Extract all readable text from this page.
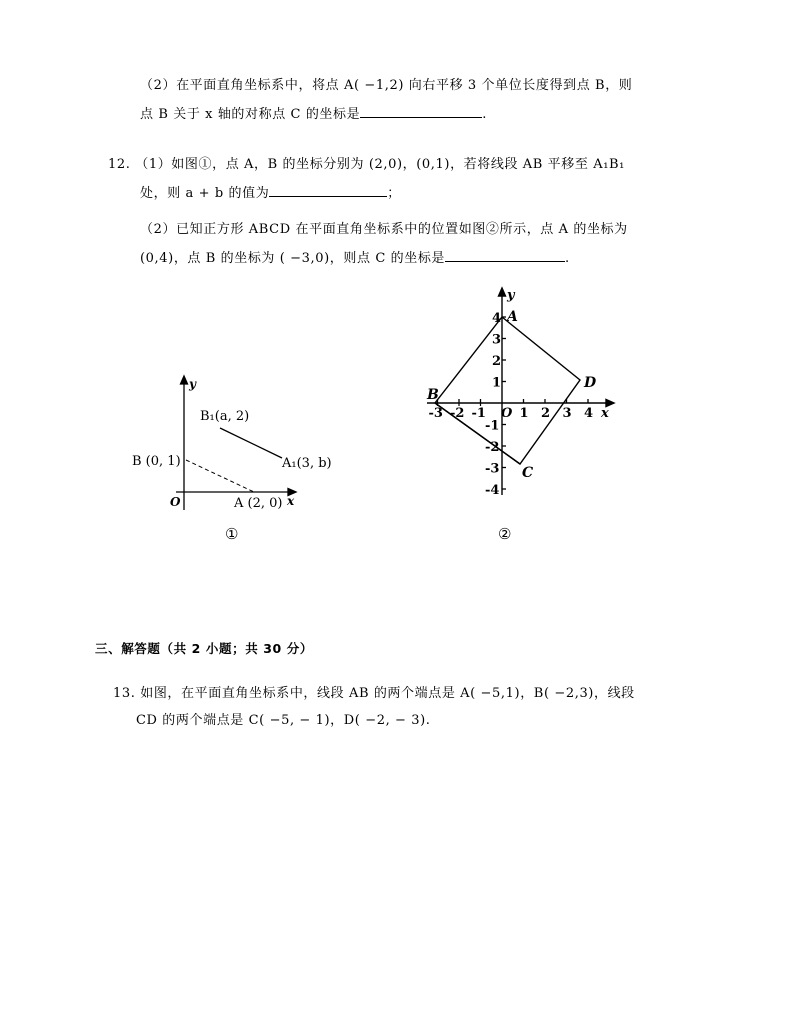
（2）在平面直角坐标系中，将点 A( −1,2) 向右平移 3 个单位长度得到点 B，则
点 B 关于 x 轴的对称点 C 的坐标是	.
12. （1）如图①，点 A，B 的坐标分别为 (2,0)，(0,1)，若将线段 AB 平移至 A₁B₁
处，则 a + b 的值为	；
（2）已知正方形 ABCD 在平面直角坐标系中的位置如图②所示，点 A 的坐标为
(0,4)，点 B 的坐标为 ( −3,0)，则点 C 的坐标是	.
y
x
O
B (0, 1)
A (2, 0)
B₁(a, 2)
A₁(3, b)
①
-3 -2 -1	1 2 3 4
4
3
2
1
-1
-2
-3
-4
y
x
O
A
B
C
D
②
三、解答题（共 2 小题；共 30 分）
13. 如图，在平面直角坐标系中，线段 AB 的两个端点是 A( −5,1)，B( −2,3)，线段
CD 的两个端点是 C( −5, − 1)，D( −2, − 3).
